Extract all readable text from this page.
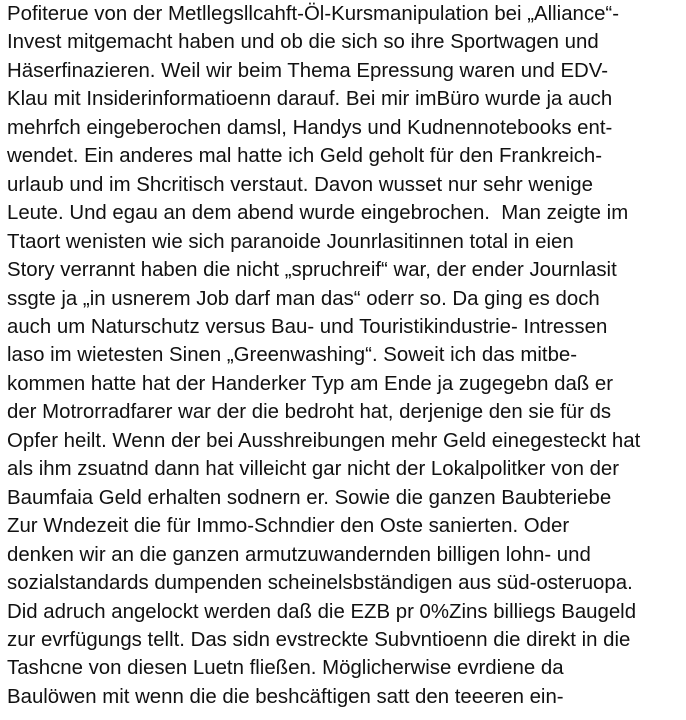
Pofiterue von der Metllegsllcahft-Öl-Kursmanipulation bei „Alliance“-
Invest mitgemacht haben und ob die sich so ihre Sportwagen und
Häserfinazieren. Weil wir beim Thema Epressung waren und EDV-
Klau mit Insiderinformatioenn darauf. Bei mir imBüro wurde ja auch
mehrfch eingeberochen damsl, Handys und Kudnennotebooks ent-
wendet. Ein anderes mal hatte ich Geld geholt für den Frankreich-
urlaub und im Shcritisch verstaut. Davon wusset nur sehr wenige
Leute. Und egau an dem abend wurde eingebrochen.  Man zeigte im
Ttaort wenisten wie sich paranoide Jounrlasitinnen total in eien
Story verrannt haben die nicht „spruchreif“ war, der ender Journlasit
ssgte ja „in usnerem Job darf man das“ oderr so. Da ging es doch
auch um Naturschutz versus Bau- und Touristikindustrie- Intressen
laso im wietesten Sinen „Greenwashing“. Soweit ich das mitbe-
kommen hatte hat der Handerker Typ am Ende ja zugegebn daß er
der Motrorradfarer war der die bedroht hat, derjenige den sie für ds
Opfer heilt. Wenn der bei Ausshreibungen mehr Geld einegesteckt hat
als ihm zsuatnd dann hat villeicht gar nicht der Lokalpolitker von der
Baumfaia Geld erhalten sodnern er. Sowie die ganzen Baubteriebe
Zur Wndezeit die für Immo-Schndier den Oste sanierten. Oder
denken wir an die ganzen armutzuwandernden billigen lohn- und
sozialstandards dumpenden scheinelsbständigen aus süd-osteruopa.
Did adruch angelockt werden daß die EZB pr 0%Zins billiegs Baugeld
zur evrfügungs tellt. Das sidn evstreckte Subvntioenn die direkt in die
Tashcne von diesen Luetn fließen. Möglicherwise evrdiene da
Baulöwen mit wenn die die beshcäftigen satt den teeeren ein-
